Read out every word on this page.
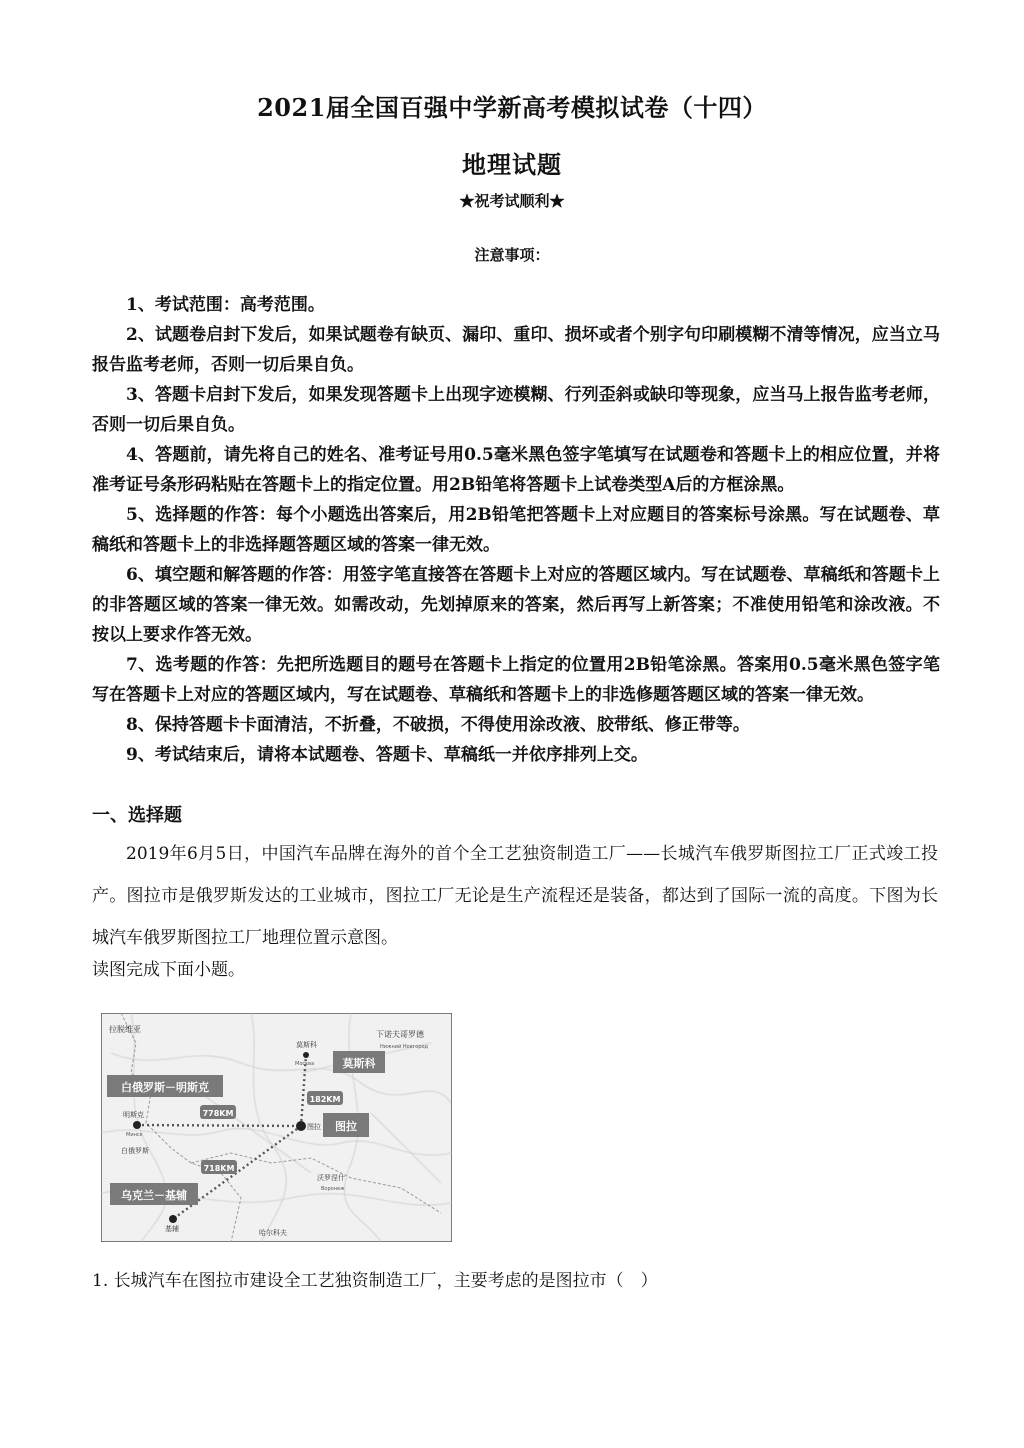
2021届全国百强中学新高考模拟试卷（十四）
地理试题
★祝考试顺利★
注意事项：

1、考试范围：高考范围。

2、试题卷启封下发后，如果试题卷有缺页、漏印、重印、损坏或者个别字句印刷模糊不清等情况，应当立马报告监考老师，否则一切后果自负。

3、答题卡启封下发后，如果发现答题卡上出现字迹模糊、行列歪斜或缺印等现象，应当马上报告监考老师，否则一切后果自负。

4、答题前，请先将自己的姓名、准考证号用0.5毫米黑色签字笔填写在试题卷和答题卡上的相应位置，并将准考证号条形码粘贴在答题卡上的指定位置。用2B铅笔将答题卡上试卷类型A后的方框涂黑。

5、选择题的作答：每个小题选出答案后，用2B铅笔把答题卡上对应题目的答案标号涂黑。写在试题卷、草稿纸和答题卡上的非选择题答题区域的答案一律无效。

6、填空题和解答题的作答：用签字笔直接答在答题卡上对应的答题区域内。写在试题卷、草稿纸和答题卡上的非答题区域的答案一律无效。如需改动，先划掉原来的答案，然后再写上新答案；不准使用铅笔和涂改液。不按以上要求作答无效。

7、选考题的作答：先把所选题目的题号在答题卡上指定的位置用2B铅笔涂黑。答案用0.5毫米黑色签字笔写在答题卡上对应的答题区域内，写在试题卷、草稿纸和答题卡上的非选修题答题区域的答案一律无效。

8、保持答题卡卡面清洁，不折叠，不破损，不得使用涂改液、胶带纸、修正带等。

9、考试结束后，请将本试题卷、答题卡、草稿纸一并依序排列上交。

一、选择题

2019年6月5日，中国汽车品牌在海外的首个全工艺独资制造工厂——长城汽车俄罗斯图拉工厂正式竣工投产。图拉市是俄罗斯发达的工业城市，图拉工厂无论是生产流程还是装备，都达到了国际一流的高度。下图为长城汽车俄罗斯图拉工厂地理位置示意图。

读图完成下面小题。
拉脱维亚
下诺夫哥罗德
Нижний Новгород
莫斯科
Москва
明斯克
Минск
白俄罗斯
图拉
基辅
沃罗涅什
Воронеж
哈尔科夫
778KM
182KM
718KM
白俄罗斯－明斯克
莫斯科
图拉
乌克兰－基辅
1. 长城汽车在图拉市建设全工艺独资制造工厂，主要考虑的是图拉市（　）
